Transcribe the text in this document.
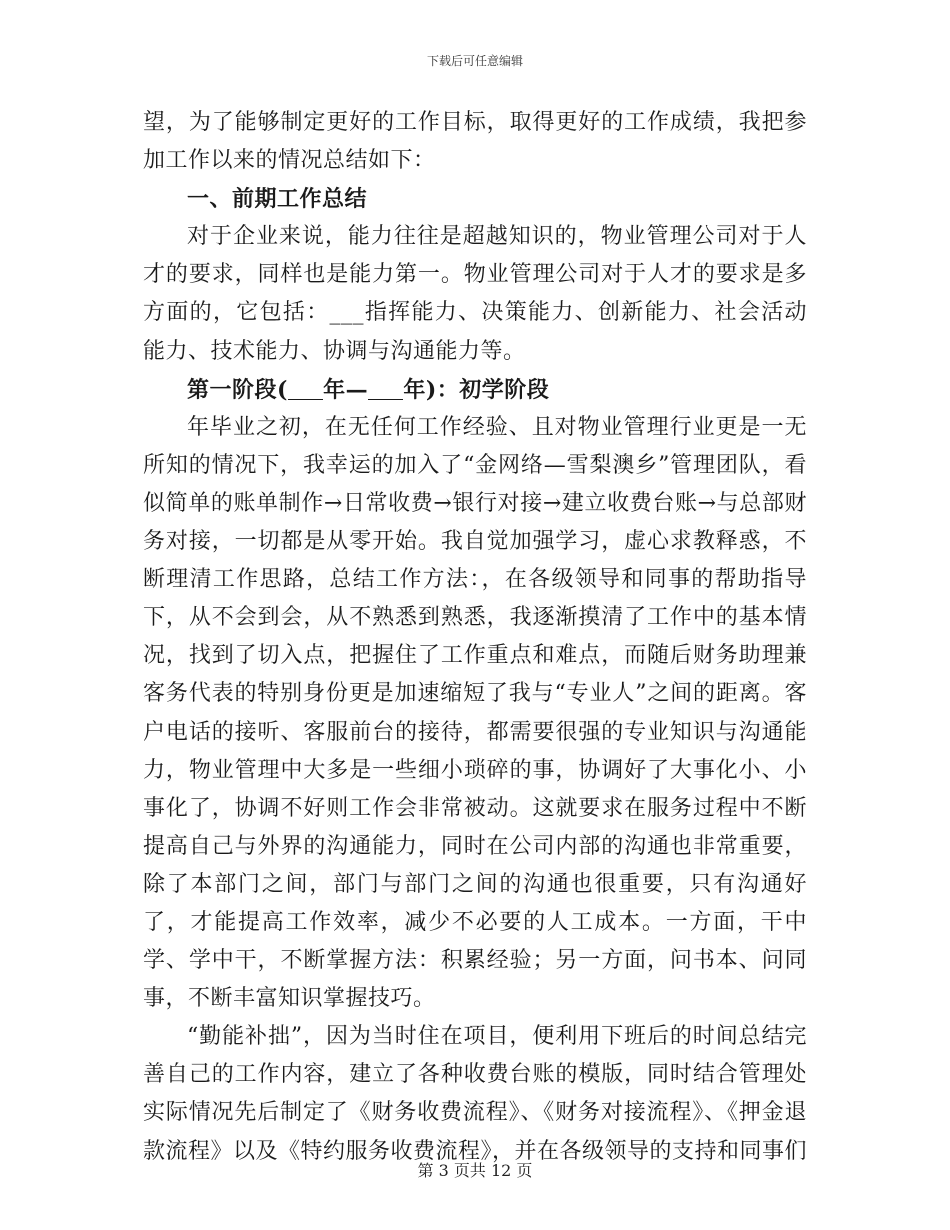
下载后可任意编辑

望，为了能够制定更好的工作目标，取得更好的工作成绩，我把参加工作以来的情况总结如下：

一、前期工作总结

对于企业来说，能力往往是超越知识的，物业管理公司对于人才的要求，同样也是能力第一。物业管理公司对于人才的要求是多方面的，它包括：___指挥能力、决策能力、创新能力、社会活动能力、技术能力、协调与沟通能力等。

第一阶段( 年— 年)：初学阶段

年毕业之初，在无任何工作经验、且对物业管理行业更是一无所知的情况下，我幸运的加入了“金网络—雪梨澳乡”管理团队，看似简单的账单制作→日常收费→银行对接→建立收费台账→与总部财务对接，一切都是从零开始。我自觉加强学习，虚心求教释惑，不断理清工作思路，总结工作方法：，在各级领导和同事的帮助指导下，从不会到会，从不熟悉到熟悉，我逐渐摸清了工作中的基本情况，找到了切入点，把握住了工作重点和难点，而随后财务助理兼客务代表的特别身份更是加速缩短了我与“专业人”之间的距离。客户电话的接听、客服前台的接待，都需要很强的专业知识与沟通能力，物业管理中大多是一些细小琐碎的事，协调好了大事化小、小事化了，协调不好则工作会非常被动。这就要求在服务过程中不断提高自己与外界的沟通能力，同时在公司内部的沟通也非常重要，除了本部门之间，部门与部门之间的沟通也很重要，只有沟通好了，才能提高工作效率，减少不必要的人工成本。一方面，干中学、学中干，不断掌握方法：积累经验；另一方面，问书本、问同事，不断丰富知识掌握技巧。

“勤能补拙”，因为当时住在项目，便利用下班后的时间总结完善自己的工作内容，建立了各种收费台账的模版，同时结合管理处实际情况先后制定了《财务收费流程》、《财务对接流程》、《押金退款流程》以及《特约服务收费流程》，并在各级领导的支持和同事们

第 3 页共 12 页
